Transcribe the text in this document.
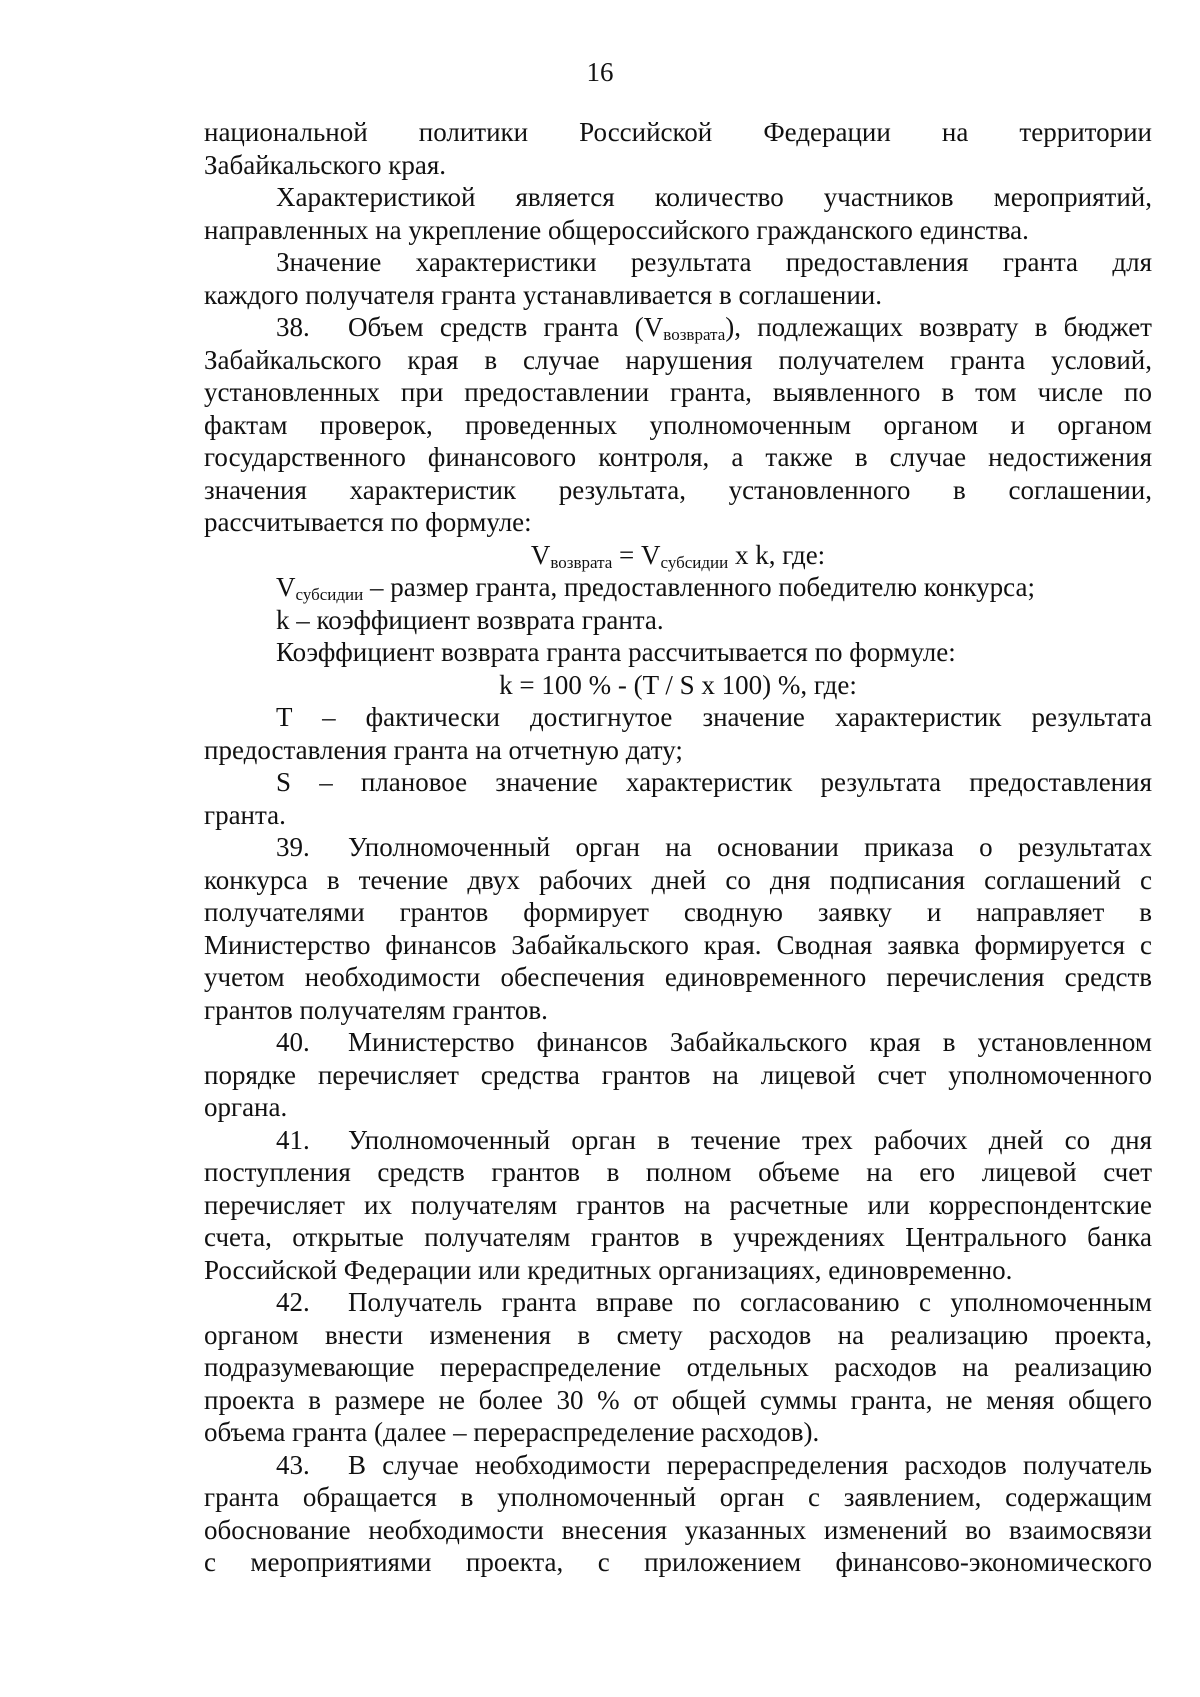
16

национальной политики Российской Федерации на территории

Забайкальского края.

Характеристикой является количество участников мероприятий,

направленных на укрепление общероссийского гражданского единства.

Значение характеристики результата предоставления гранта для

каждого получателя гранта устанавливается в соглашении.

38. Объем средств гранта $(V_{возврата})$, подлежащих возврату в бюджет

Забайкальского края в случае нарушения получателем гранта условий,

установленных при предоставлении гранта, выявленного в том числе по

фактам проверок, проведенных уполномоченным органом и органом

государственного финансового контроля, а также в случае недостижения

значения характеристик результата, установленного в соглашении,

рассчитывается по формуле:

$V_{возврата} = V_{субсидии}$ x k, где:

$V_{субсидии}$ – размер гранта, предоставленного победителю конкурса;

k – коэффициент возврата гранта.

Коэффициент возврата гранта рассчитывается по формуле:

k = 100 % - (T / S x 100) %, где:

T – фактически достигнутое значение характеристик результата

предоставления гранта на отчетную дату;

S – плановое значение характеристик результата предоставления

гранта.

39. Уполномоченный орган на основании приказа о результатах

конкурса в течение двух рабочих дней со дня подписания соглашений с

получателями грантов формирует сводную заявку и направляет в

Министерство финансов Забайкальского края. Сводная заявка формируется с

учетом необходимости обеспечения единовременного перечисления средств

грантов получателям грантов.

40. Министерство финансов Забайкальского края в установленном

порядке перечисляет средства грантов на лицевой счет уполномоченного

органа.

41. Уполномоченный орган в течение трех рабочих дней со дня

поступления средств грантов в полном объеме на его лицевой счет

перечисляет их получателям грантов на расчетные или корреспондентские

счета, открытые получателям грантов в учреждениях Центрального банка

Российской Федерации или кредитных организациях, единовременно.

42. Получатель гранта вправе по согласованию с уполномоченным

органом внести изменения в смету расходов на реализацию проекта,

подразумевающие перераспределение отдельных расходов на реализацию

проекта в размере не более 30 % от общей суммы гранта, не меняя общего

объема гранта (далее – перераспределение расходов).

43. В случае необходимости перераспределения расходов получатель

гранта обращается в уполномоченный орган с заявлением, содержащим

обоснование необходимости внесения указанных изменений во взаимосвязи

с мероприятиями проекта, с приложением финансово-экономического
